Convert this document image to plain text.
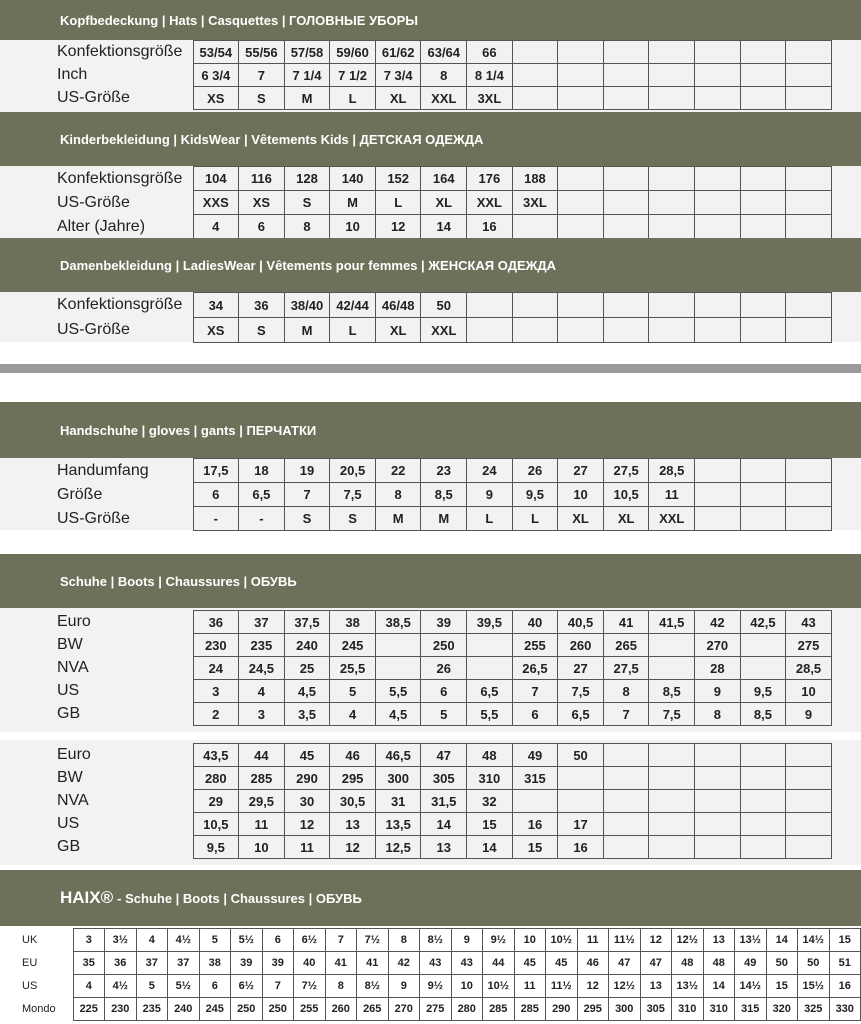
Kopfbedeckung | Hats | Casquettes | ГОЛОВНЫЕ УБОРЫ
Konfektionsgröße	53/54	55/56	57/58	59/60	61/62	63/64	66							
Inch	6 3/4	7	7 1/4	7 1/2	7 3/4	8	8 1/4							
US-Größe	XS	S	M	L	XL	XXL	3XL							
Kinderbekleidung | KidsWear | Vêtements Kids | ДЕТСКАЯ ОДЕЖДА
Konfektionsgröße	104	116	128	140	152	164	176	188						
US-Größe	XXS	XS	S	M	L	XL	XXL	3XL						
Alter (Jahre)	4	6	8	10	12	14	16							
Damenbekleidung | LadiesWear | Vêtements pour femmes | ЖЕНСКАЯ ОДЕЖДА
Konfektionsgröße	34	36	38/40	42/44	46/48	50								
US-Größe	XS	S	M	L	XL	XXL								
Handschuhe | gloves | gants | ПЕРЧАТКИ
Handumfang	17,5	18	19	20,5	22	23	24	26	27	27,5	28,5			
Größe	6	6,5	7	7,5	8	8,5	9	9,5	10	10,5	11			
US-Größe	-	-	S	S	M	M	L	L	XL	XL	XXL			
Schuhe | Boots | Chaussures | ОБУВЬ
Euro	36	37	37,5	38	38,5	39	39,5	40	40,5	41	41,5	42	42,5	43
BW	230	235	240	245		250		255	260	265		270		275
NVA	24	24,5	25	25,5		26		26,5	27	27,5		28		28,5
US	3	4	4,5	5	5,5	6	6,5	7	7,5	8	8,5	9	9,5	10
GB	2	3	3,5	4	4,5	5	5,5	6	6,5	7	7,5	8	8,5	9
Euro	43,5	44	45	46	46,5	47	48	49	50					
BW	280	285	290	295	300	305	310	315						
NVA	29	29,5	30	30,5	31	31,5	32							
US	10,5	11	12	13	13,5	14	15	16	17					
GB	9,5	10	11	12	12,5	13	14	15	16					
HAIX® - Schuhe | Boots | Chaussures | ОБУВЬ
UK	3	3½	4	4½	5	5½	6	6½	7	7½	8	8½	9	9½	10	10½	11	11½	12	12½	13	13½	14	14½	15
EU	35	36	37	37	38	39	39	40	41	41	42	43	43	44	45	45	46	47	47	48	48	49	50	50	51
US	4	4½	5	5½	6	6½	7	7½	8	8½	9	9½	10	10½	11	11½	12	12½	13	13½	14	14½	15	15½	16
Mondo	225	230	235	240	245	250	250	255	260	265	270	275	280	285	285	290	295	300	305	310	310	315	320	325	330
